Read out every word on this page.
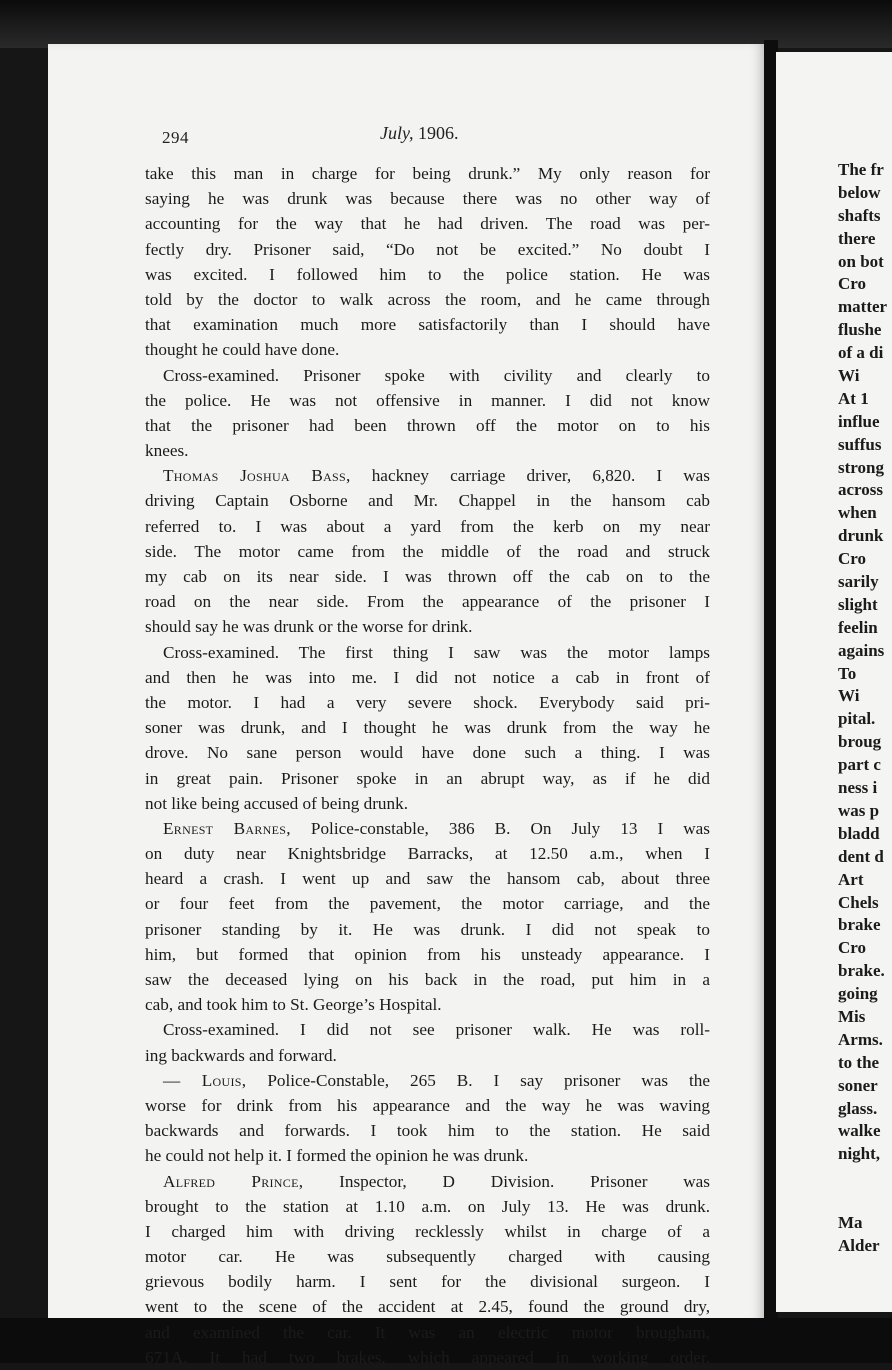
294	July, 1906.
take this man in charge for being drunk.” My only reason for
saying he was drunk was because there was no other way of
accounting for the way that he had driven. The road was per-
fectly dry. Prisoner said, “Do not be excited.” No doubt I
was excited. I followed him to the police station. He was
told by the doctor to walk across the room, and he came through
that examination much more satisfactorily than I should have
thought he could have done.
Cross-examined. Prisoner spoke with civility and clearly to
the police. He was not offensive in manner. I did not know
that the prisoner had been thrown off the motor on to his
knees.
Thomas Joshua Bass, hackney carriage driver, 6,820. I was
driving Captain Osborne and Mr. Chappel in the hansom cab
referred to. I was about a yard from the kerb on my near
side. The motor came from the middle of the road and struck
my cab on its near side. I was thrown off the cab on to the
road on the near side. From the appearance of the prisoner I
should say he was drunk or the worse for drink.
Cross-examined. The first thing I saw was the motor lamps
and then he was into me. I did not notice a cab in front of
the motor. I had a very severe shock. Everybody said pri-
soner was drunk, and I thought he was drunk from the way he
drove. No sane person would have done such a thing. I was
in great pain. Prisoner spoke in an abrupt way, as if he did
not like being accused of being drunk.
Ernest Barnes, Police-constable, 386 B. On July 13 I was
on duty near Knightsbridge Barracks, at 12.50 a.m., when I
heard a crash. I went up and saw the hansom cab, about three
or four feet from the pavement, the motor carriage, and the
prisoner standing by it. He was drunk. I did not speak to
him, but formed that opinion from his unsteady appearance. I
saw the deceased lying on his back in the road, put him in a
cab, and took him to St. George’s Hospital.
Cross-examined. I did not see prisoner walk. He was roll-
ing backwards and forward.
— Louis, Police-Constable, 265 B. I say prisoner was the
worse for drink from his appearance and the way he was waving
backwards and forwards. I took him to the station. He said
he could not help it. I formed the opinion he was drunk.
Alfred Prince, Inspector, D Division. Prisoner was
brought to the station at 1.10 a.m. on July 13. He was drunk.
I charged him with driving recklessly whilst in charge of a
motor car. He was subsequently charged with causing
grievous bodily harm. I sent for the divisional surgeon. I
went to the scene of the accident at 2.45, found the ground dry,
and examined the car. It was an electric motor brougham,
671A. It had two brakes, which appeared in working order.
The fr
below
shafts
there
on bot
Cro
matter
flushe
of a di
Wi
At 1
influe
suffus
strong
across
when
drunk
Cro
sarily
slight
feelin
agains
To
Wi
pital.
broug
part c
ness i
was p
bladd
dent d
Art
Chels
brake
Cro
brake.
going
Mis
Arms.
to the
soner
glass.
walke
night,
Ma
Alder
